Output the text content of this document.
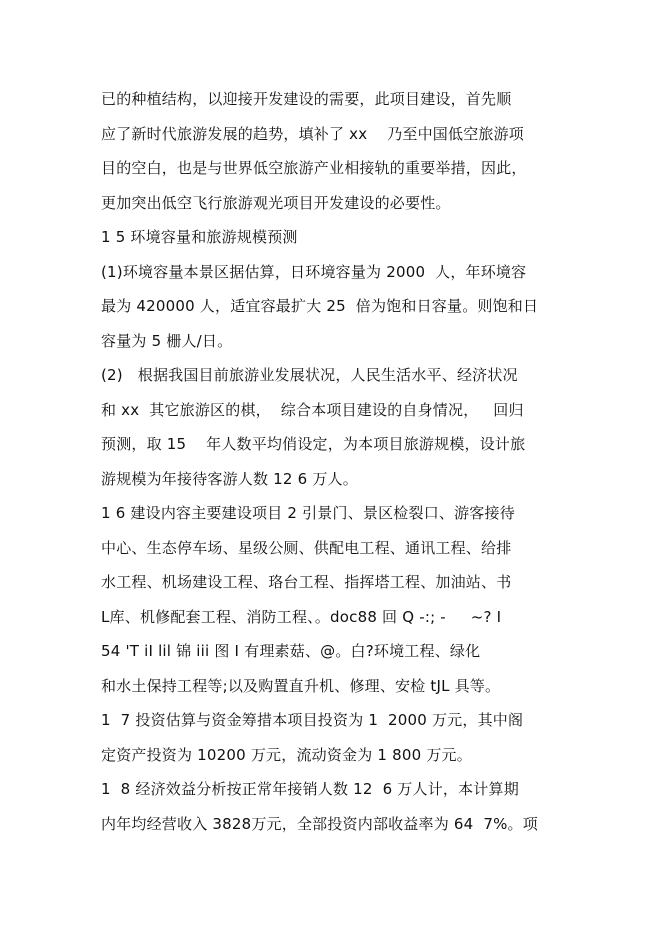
已的种植结构，以迎接开发建设的需要，此项目建设，首先顺
应了新时代旅游发展的趋势，填补了 xx    乃至中国低空旅游项
目的空白，也是与世界低空旅游产业相接轨的重要举措，因此，
更加突出低空飞行旅游观光项目开发建设的必要性。
1 5 环境容量和旅游规模预测
(1)环境容量本景区据估算，日环境容量为 2000  人，年环境容
最为 420000 人，适宜容最扩大 25  倍为饱和日容量。则饱和日
容量为 5 栅人/日。
(2)   根据我国目前旅游业发展状况，人民生活水平、经济状况
和 xx  其它旅游区的棋，  综合本项目建设的自身情况，   回归
预测，取 15    年人数平均俏设定，为本项目旅游规模，设计旅
游规模为年接待客游人数 12 6 万人。
1 6 建设内容主要建设项目 2 引景门、景区检裂口、游客接待
中心、生态停车场、星级公厕、供配电工程、通讯工程、给排
水工程、机场建设工程、珞台工程、指挥塔工程、加油站、书
L库、机修配套工程、消防工程、。doc88 回 Q -:; -     ~? I
54 'T iI lil 锦 iii 图 I 有理素菇、@。白?环境工程、绿化
和水土保持工程等;以及购置直升机、修理、安检 tJL 具等。
1  7 投资估算与资金筹措本项目投资为 1  2000 万元，其中阁
定资产投资为 10200 万元，流动资金为 1 800 万元。
1  8 经济效益分析按正常年接销人数 12  6 万人计，本计算期
内年均经营收入 3828万元，全部投资内部收益率为 64  7%。项
